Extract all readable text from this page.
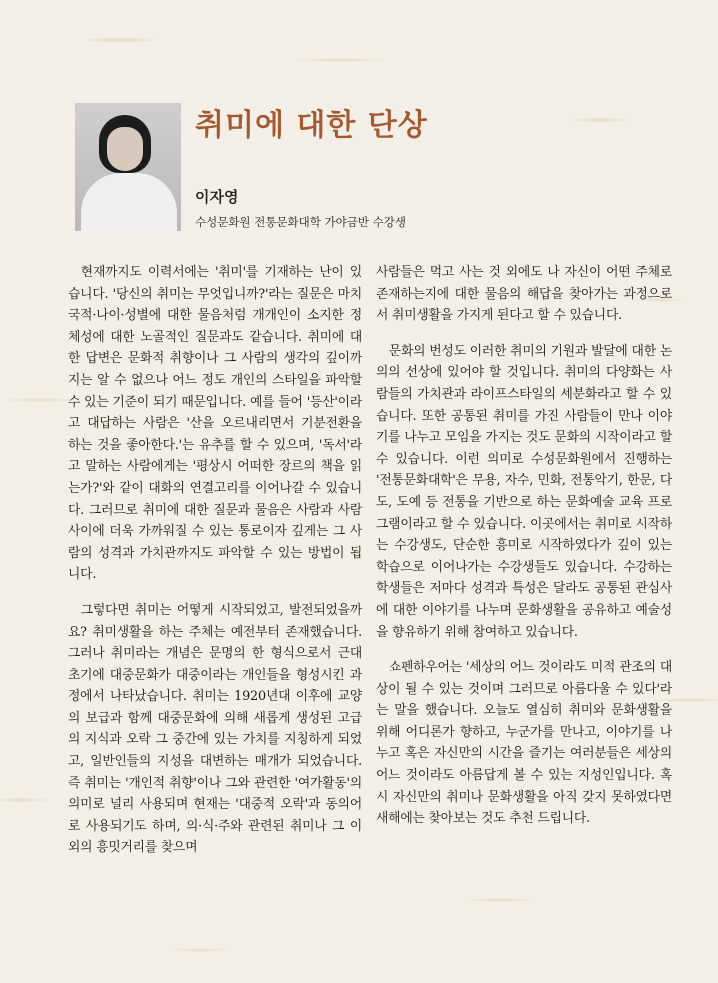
취미에 대한 단상
이자영
수성문화원 전통문화대학 가야금반 수강생

현재까지도 이력서에는 '취미'를 기재하는 난이 있습니다. '당신의 취미는 무엇입니까?'라는 질문은 마치 국적·나이·성별에 대한 물음처럼 개개인이 소지한 정체성에 대한 노골적인 질문과도 같습니다. 취미에 대한 답변은 문화적 취향이나 그 사람의 생각의 깊이까지는 알 수 없으나 어느 정도 개인의 스타일을 파악할 수 있는 기준이 되기 때문입니다. 예를 들어 '등산'이라고 대답하는 사람은 '산을 오르내리면서 기분전환을 하는 것을 좋아한다.'는 유추를 할 수 있으며, '독서'라고 말하는 사람에게는 '평상시 어떠한 장르의 책을 읽는가?'와 같이 대화의 연결고리를 이어나갈 수 있습니다. 그러므로 취미에 대한 질문과 물음은 사람과 사람 사이에 더욱 가까워질 수 있는 통로이자 깊게는 그 사람의 성격과 가치관까지도 파악할 수 있는 방법이 됩니다.

그렇다면 취미는 어떻게 시작되었고, 발전되었을까요? 취미생활을 하는 주체는 예전부터 존재했습니다. 그러나 취미라는 개념은 문명의 한 형식으로서 근대 초기에 대중문화가 대중이라는 개인들을 형성시킨 과정에서 나타났습니다. 취미는 1920년대 이후에 교양의 보급과 함께 대중문화에 의해 새롭게 생성된 고급의 지식과 오락 그 중간에 있는 가치를 지칭하게 되었고, 일반인들의 지성을 대변하는 매개가 되었습니다. 즉 취미는 '개인적 취향'이나 그와 관련한 '여가활동'의 의미로 널리 사용되며 현재는 '대중적 오락'과 동의어로 사용되기도 하며, 의·식·주와 관련된 취미나 그 이외의 흥밋거리를 찾으며

사람들은 먹고 사는 것 외에도 나 자신이 어떤 주체로 존재하는지에 대한 물음의 해답을 찾아가는 과정으로서 취미생활을 가지게 된다고 할 수 있습니다.

문화의 번성도 이러한 취미의 기원과 발달에 대한 논의의 선상에 있어야 할 것입니다. 취미의 다양화는 사람들의 가치관과 라이프스타일의 세분화라고 할 수 있습니다. 또한 공통된 취미를 가진 사람들이 만나 이야기를 나누고 모임을 가지는 것도 문화의 시작이라고 할 수 있습니다. 이런 의미로 수성문화원에서 진행하는 '전통문화대학'은 무용, 자수, 민화, 전통악기, 한문, 다도, 도예 등 전통을 기반으로 하는 문화예술 교육 프로그램이라고 할 수 있습니다. 이곳에서는 취미로 시작하는 수강생도, 단순한 흥미로 시작하였다가 깊이 있는 학습으로 이어나가는 수강생들도 있습니다. 수강하는 학생들은 저마다 성격과 특성은 달라도 공통된 관심사에 대한 이야기를 나누며 문화생활을 공유하고 예술성을 향유하기 위해 참여하고 있습니다.

쇼펜하우어는 '세상의 어느 것이라도 미적 관조의 대상이 될 수 있는 것이며 그러므로 아름다울 수 있다'라는 말을 했습니다. 오늘도 열심히 취미와 문화생활을 위해 어디론가 향하고, 누군가를 만나고, 이야기를 나누고 혹은 자신만의 시간을 즐기는 여러분들은 세상의 어느 것이라도 아름답게 볼 수 있는 지성인입니다. 혹시 자신만의 취미나 문화생활을 아직 갖지 못하였다면 새해에는 찾아보는 것도 추천 드립니다.
